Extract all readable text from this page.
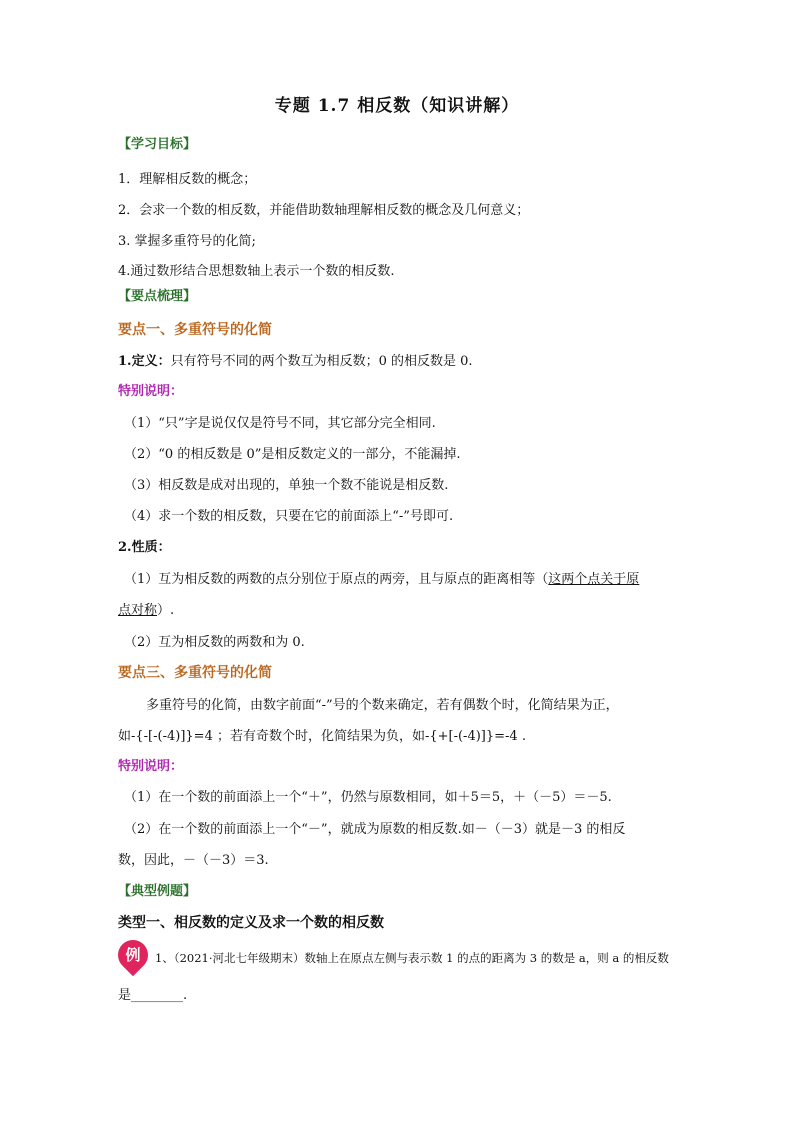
专题 1.7 相反数（知识讲解）
【学习目标】
1．理解相反数的概念；
2．会求一个数的相反数，并能借助数轴理解相反数的概念及几何意义；
3. 掌握多重符号的化简;
4.通过数形结合思想数轴上表示一个数的相反数.
【要点梳理】
要点一、多重符号的化简
1.定义：只有符号不同的两个数互为相反数；0 的相反数是 0.
特别说明：
（1）“只”字是说仅仅是符号不同，其它部分完全相同.
（2）“0 的相反数是 0”是相反数定义的一部分，不能漏掉.
（3）相反数是成对出现的，单独一个数不能说是相反数.
（4）求一个数的相反数，只要在它的前面添上“-”号即可.
2.性质：
（1）互为相反数的两数的点分别位于原点的两旁，且与原点的距离相等（这两个点关于原
点对称）.
（2）互为相反数的两数和为 0.
要点三、多重符号的化简
多重符号的化简，由数字前面“-”号的个数来确定，若有偶数个时，化简结果为正，
如-{-[-(-4)]}=4 ；若有奇数个时，化简结果为负，如-{+[-(-4)]}=-4 .
特别说明：
（1）在一个数的前面添上一个“＋”，仍然与原数相同，如＋5＝5，＋（－5）＝－5.
（2）在一个数的前面添上一个“－”，就成为原数的相反数.如－（－3）就是－3 的相反
数，因此，－（－3）＝3.
【典型例题】
类型一、相反数的定义及求一个数的相反数
例	1、（2021·河北七年级期末）数轴上在原点左侧与表示数 1 的点的距离为 3 的数是 a，则 a 的相反数
是________.
